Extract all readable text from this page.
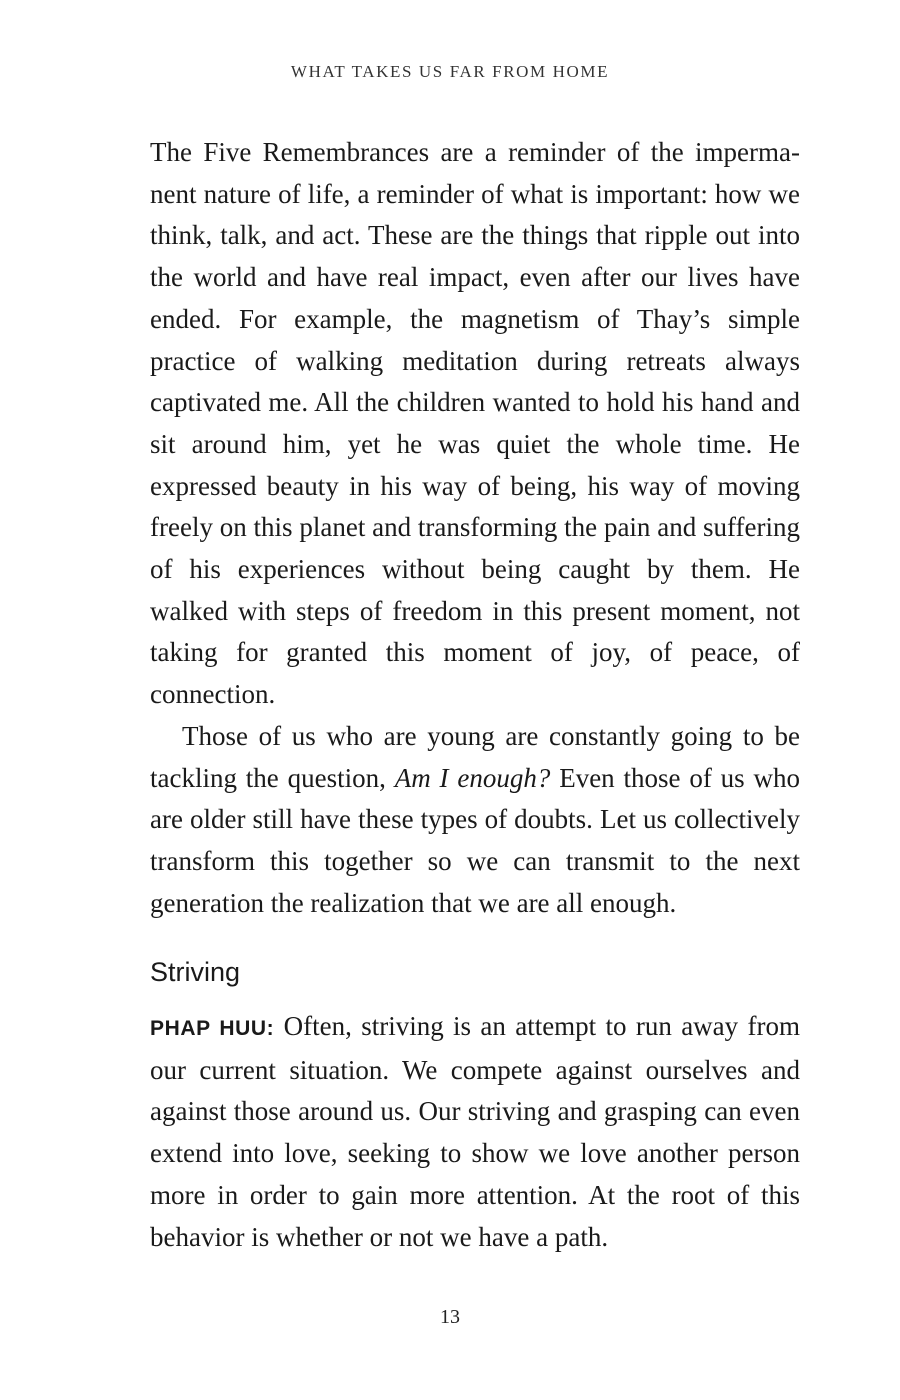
WHAT TAKES US FAR FROM HOME

The Five Remembrances are a reminder of the impermanent nature of life, a reminder of what is important: how we think, talk, and act. These are the things that ripple out into the world and have real impact, even after our lives have ended. For example, the magnetism of Thay’s simple practice of walking meditation during retreats always captivated me. All the children wanted to hold his hand and sit around him, yet he was quiet the whole time. He expressed beauty in his way of being, his way of moving freely on this planet and transforming the pain and suffering of his experiences without being caught by them. He walked with steps of freedom in this present moment, not taking for granted this moment of joy, of peace, of connection.

Those of us who are young are constantly going to be tackling the question, Am I enough? Even those of us who are older still have these types of doubts. Let us collectively transform this together so we can transmit to the next generation the realization that we are all enough.

Striving

PHAP HUU: Often, striving is an attempt to run away from our current situation. We compete against ourselves and against those around us. Our striving and grasping can even extend into love, seeking to show we love another person more in order to gain more attention. At the root of this behavior is whether or not we have a path.

13
